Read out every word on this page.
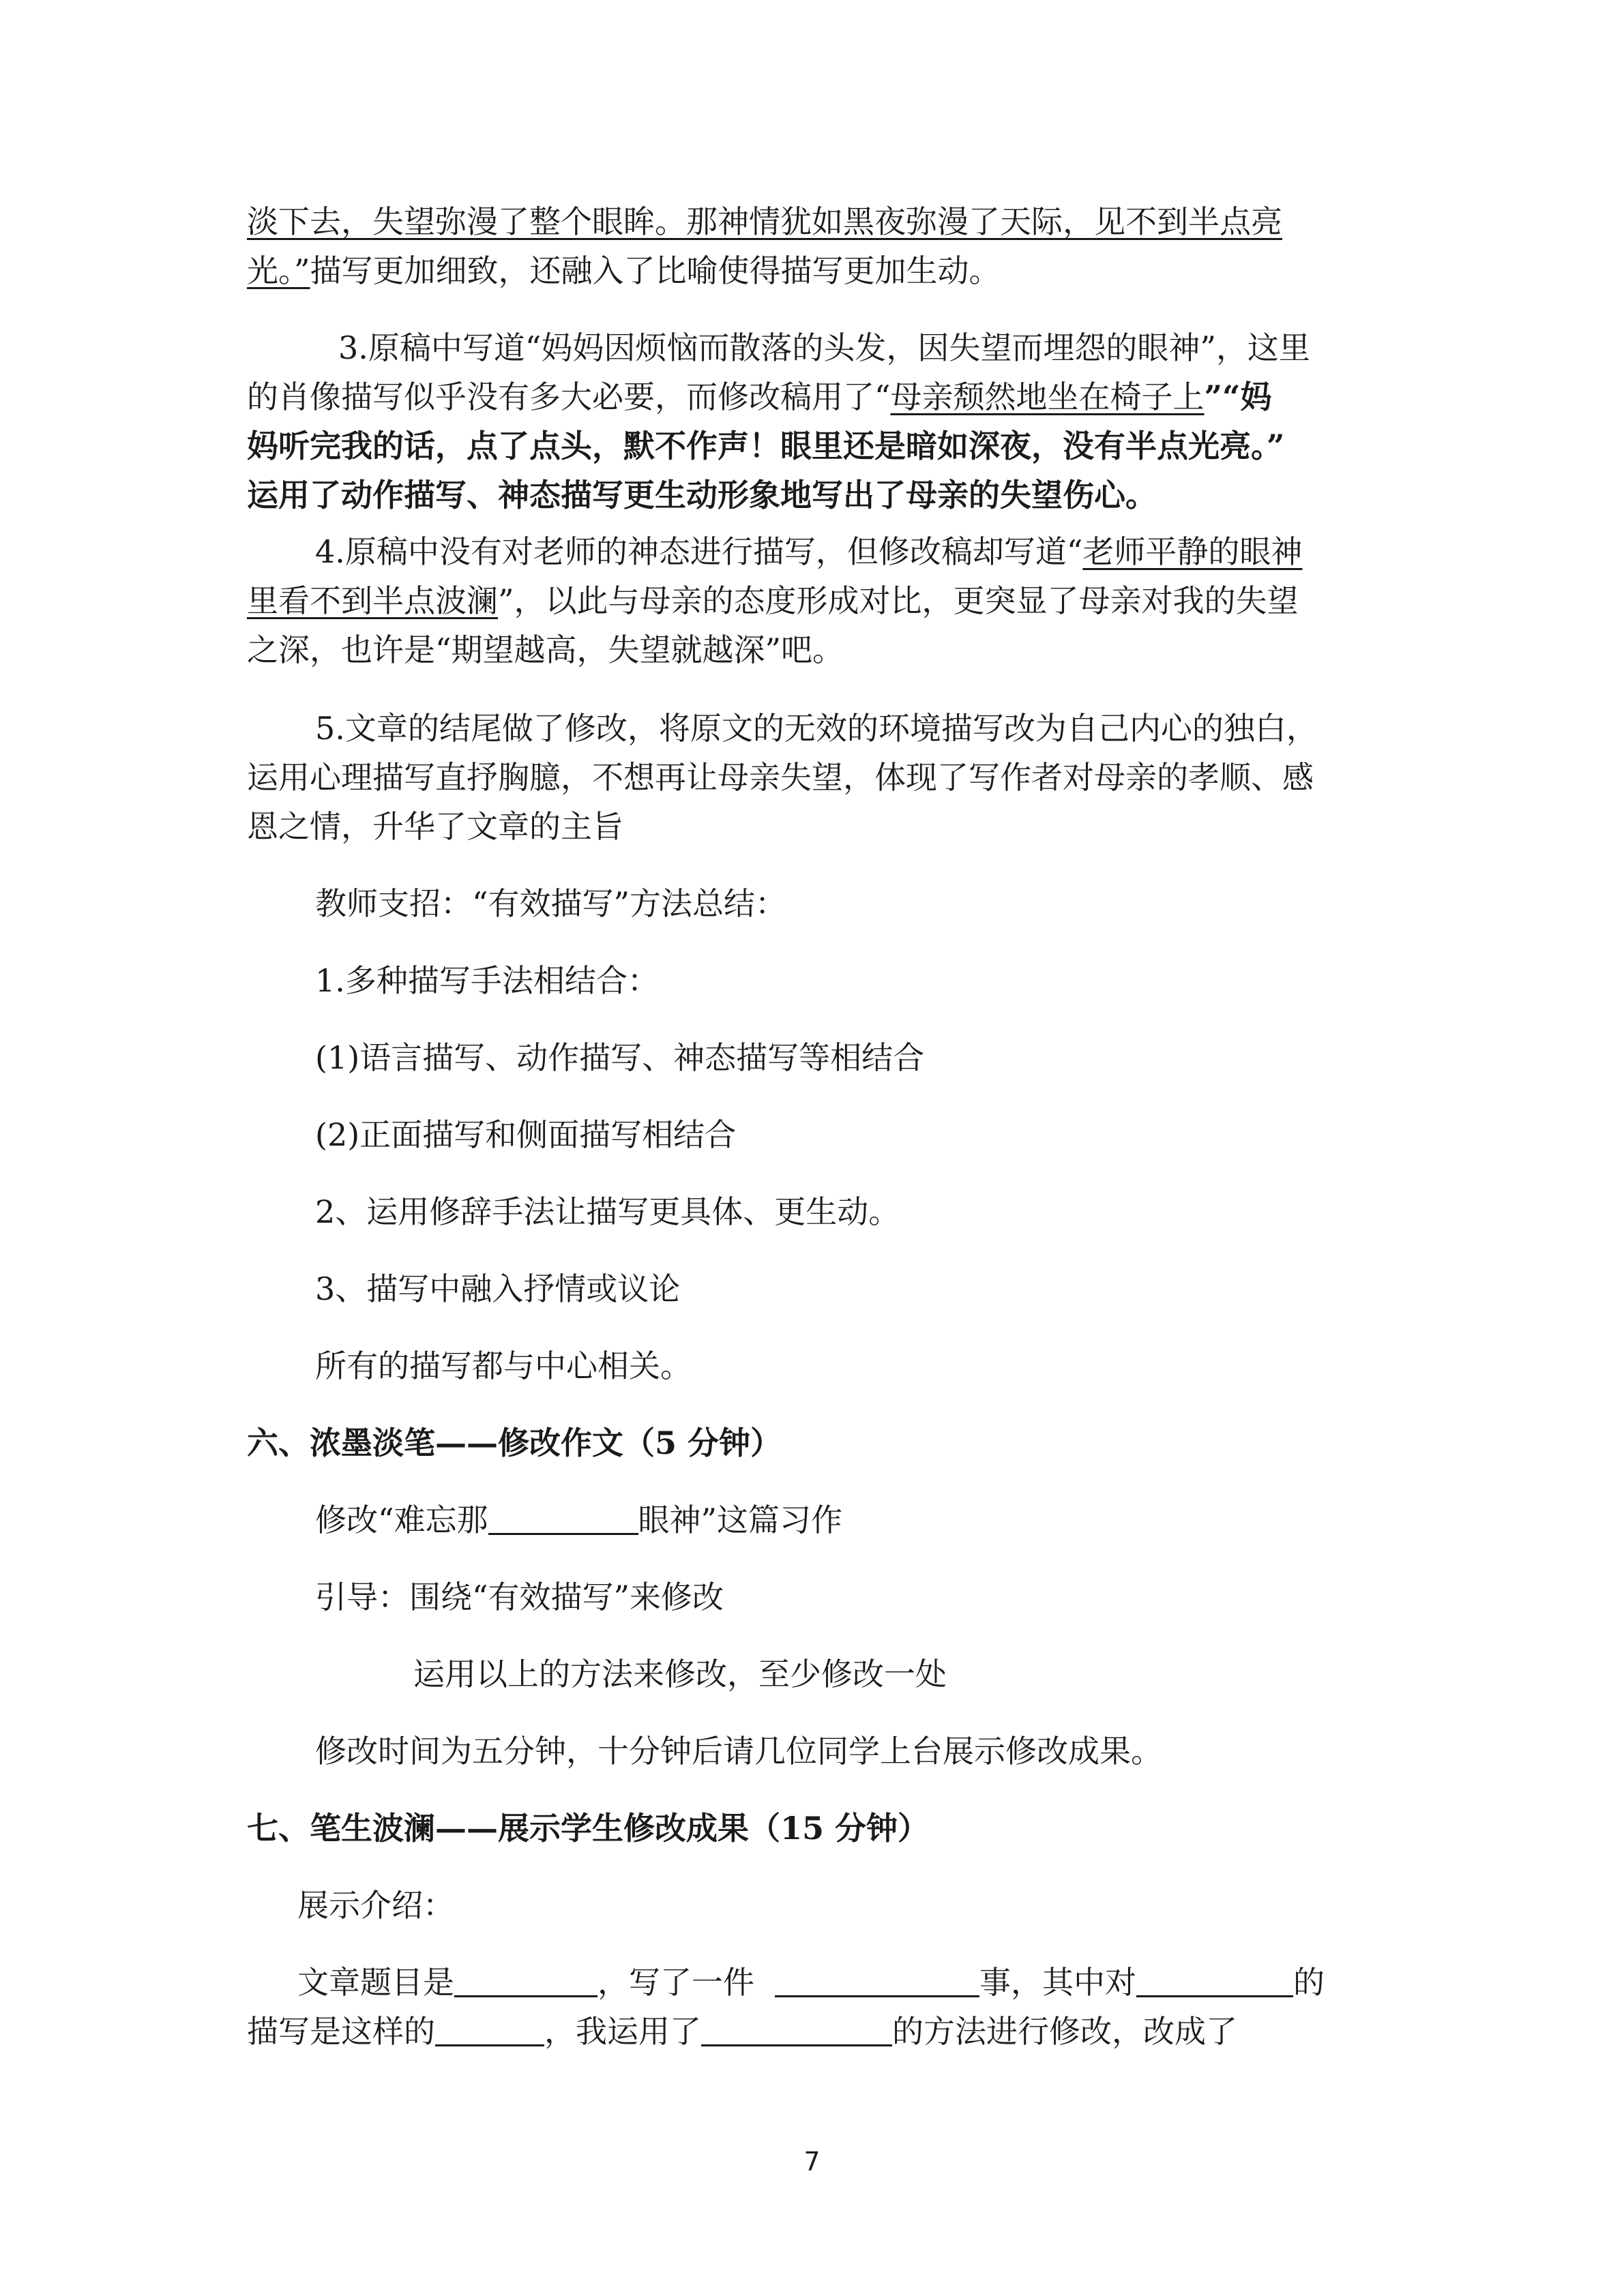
淡下去，失望弥漫了整个眼眸。那神情犹如黑夜弥漫了天际，见不到半点亮
光。”描写更加细致，还融入了比喻使得描写更加生动。
3.原稿中写道“妈妈因烦恼而散落的头发，因失望而埋怨的眼神”，这里
的肖像描写似乎没有多大必要，而修改稿用了“母亲颓然地坐在椅子上”“妈
妈听完我的话，点了点头，默不作声！眼里还是暗如深夜，没有半点光亮。”
运用了动作描写、神态描写更生动形象地写出了母亲的失望伤心。
4.原稿中没有对老师的神态进行描写，但修改稿却写道“老师平静的眼神
里看不到半点波澜”，以此与母亲的态度形成对比，更突显了母亲对我的失望
之深，也许是“期望越高，失望就越深”吧。
5.文章的结尾做了修改，将原文的无效的环境描写改为自己内心的独白，
运用心理描写直抒胸臆，不想再让母亲失望，体现了写作者对母亲的孝顺、感
恩之情，升华了文章的主旨
教师支招：“有效描写”方法总结：
1.多种描写手法相结合：
(1)语言描写、动作描写、神态描写等相结合
(2)正面描写和侧面描写相结合
2、运用修辞手法让描写更具体、更生动。
3、描写中融入抒情或议论
所有的描写都与中心相关。
六、浓墨淡笔——修改作文（5 分钟）
修改“难忘那	眼神”这篇习作
引导：围绕“有效描写”来修改
运用以上的方法来修改，至少修改一处
修改时间为五分钟，十分钟后请几位同学上台展示修改成果。
七、笔生波澜——展示学生修改成果（15 分钟）
展示介绍：
文章题目是	，写了一件	事，其中对	的
描写是这样的	，我运用了	的方法进行修改，改成了
7
